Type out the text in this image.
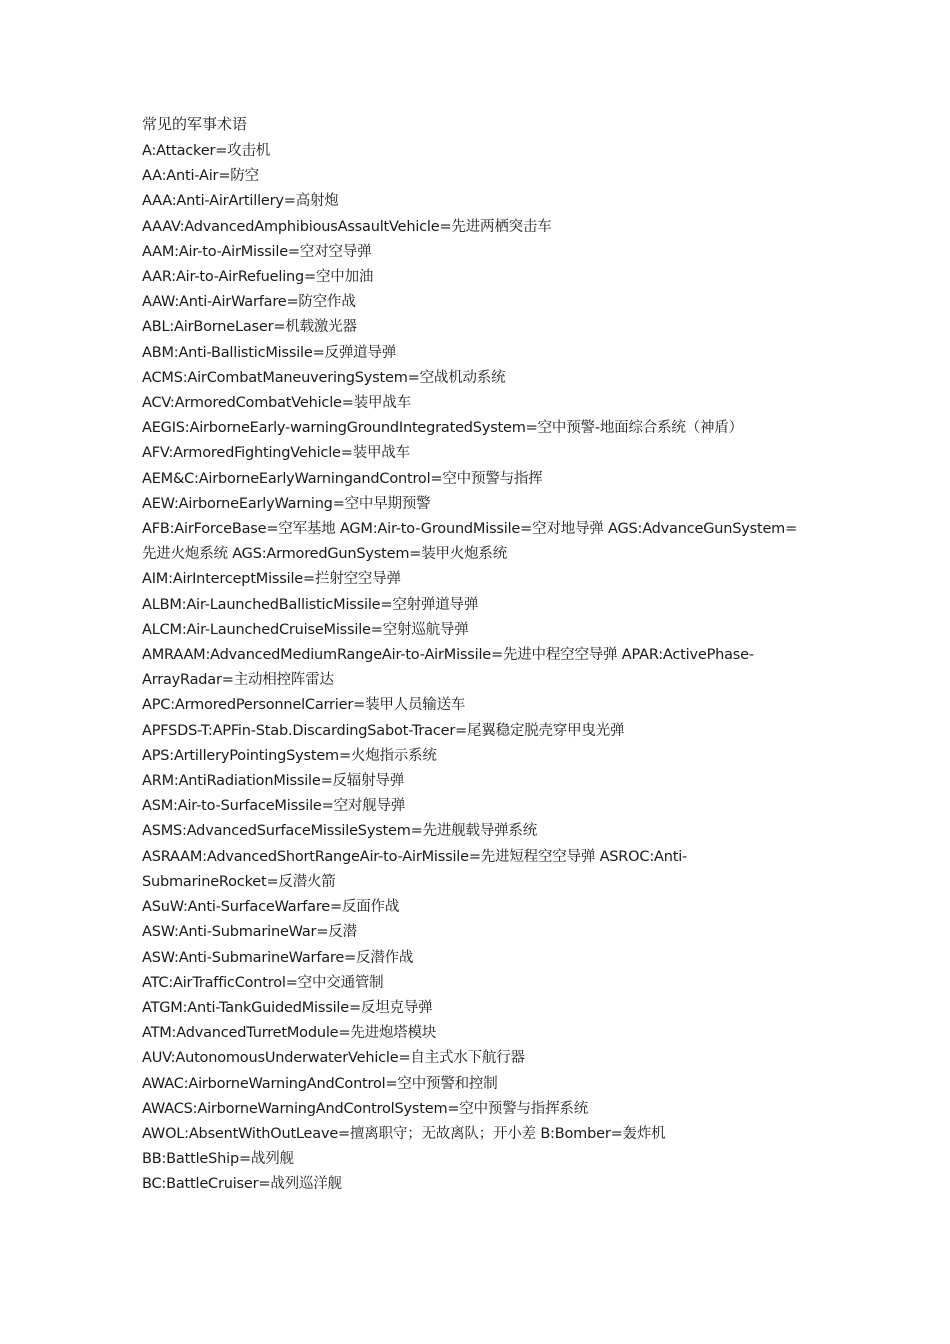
常见的军事术语

A:Attacker=攻击机

AA:Anti-Air=防空

AAA:Anti-AirArtillery=高射炮

AAAV:AdvancedAmphibiousAssaultVehicle=先进两栖突击车

AAM:Air-to-AirMissile=空对空导弹

AAR:Air-to-AirRefueling=空中加油

AAW:Anti-AirWarfare=防空作战

ABL:AirBorneLaser=机载激光器

ABM:Anti-BallisticMissile=反弹道导弹

ACMS:AirCombatManeuveringSystem=空战机动系统

ACV:ArmoredCombatVehicle=装甲战车

AEGIS:AirborneEarly-warningGroundIntegratedSystem=空中预警-地面综合系统（神盾）AFV:ArmoredFightingVehicle=装甲战车

AEM&C:AirborneEarlyWarningandControl=空中预警与指挥

AEW:AirborneEarlyWarning=空中早期预警

AFB:AirForceBase=空军基地 AGM:Air-to-GroundMissile=空对地导弹 AGS:AdvanceGunSystem=先进火炮系统 AGS:ArmoredGunSystem=装甲火炮系统

AIM:AirInterceptMissile=拦射空空导弹

ALBM:Air-LaunchedBallisticMissile=空射弹道导弹

ALCM:Air-LaunchedCruiseMissile=空射巡航导弹

AMRAAM:AdvancedMediumRangeAir-to-AirMissile=先进中程空空导弹 APAR:ActivePhase-ArrayRadar=主动相控阵雷达

APC:ArmoredPersonnelCarrier=装甲人员输送车

APFSDS-T:APFin-Stab.DiscardingSabot-Tracer=尾翼稳定脱壳穿甲曳光弹

APS:ArtilleryPointingSystem=火炮指示系统

ARM:AntiRadiationMissile=反辐射导弹

ASM:Air-to-SurfaceMissile=空对舰导弹

ASMS:AdvancedSurfaceMissileSystem=先进舰载导弹系统

ASRAAM:AdvancedShortRangeAir-to-AirMissile=先进短程空空导弹 ASROC:Anti-SubmarineRocket=反潜火箭

ASuW:Anti-SurfaceWarfare=反面作战

ASW:Anti-SubmarineWar=反潜

ASW:Anti-SubmarineWarfare=反潜作战

ATC:AirTrafficControl=空中交通管制

ATGM:Anti-TankGuidedMissile=反坦克导弹

ATM:AdvancedTurretModule=先进炮塔模块

AUV:AutonomousUnderwaterVehicle=自主式水下航行器

AWAC:AirborneWarningAndControl=空中预警和控制

AWACS:AirborneWarningAndControlSystem=空中预警与指挥系统

AWOL:AbsentWithOutLeave=擅离职守；无故离队；开小差 B:Bomber=轰炸机

BB:BattleShip=战列舰

BC:BattleCruiser=战列巡洋舰
